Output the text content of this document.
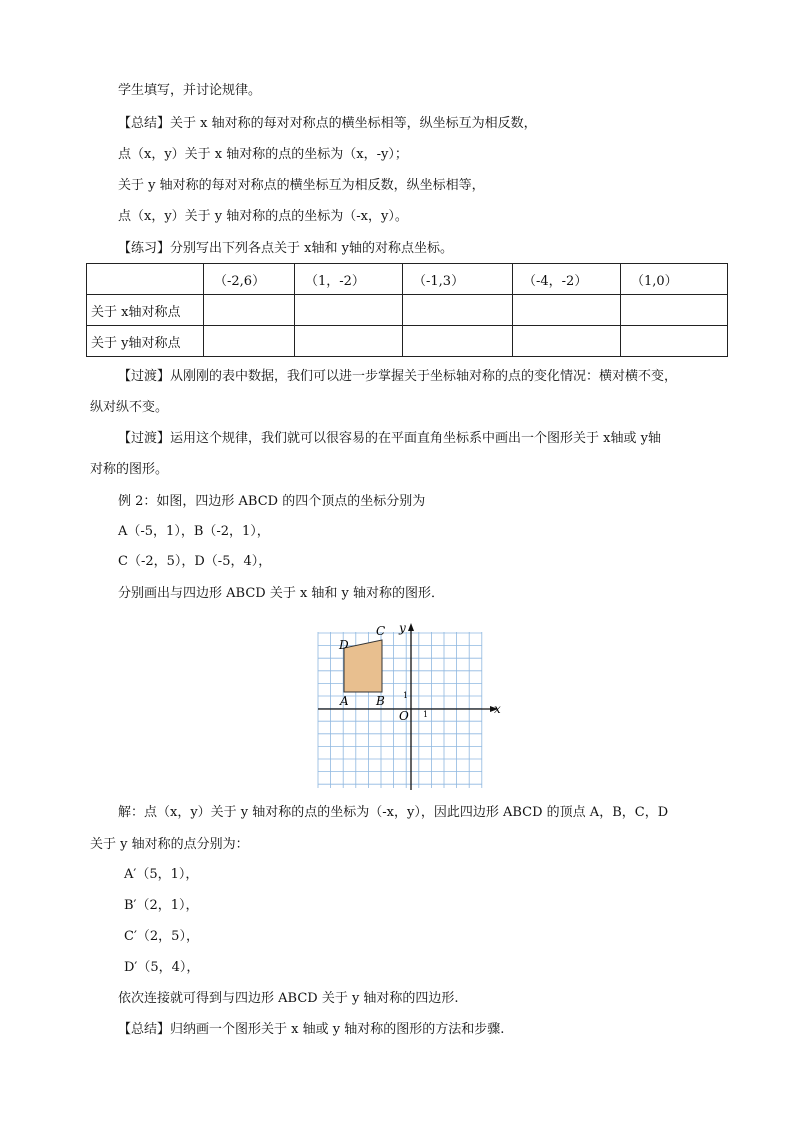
学生填写，并讨论规律。
【总结】关于 x 轴对称的每对对称点的横坐标相等，纵坐标互为相反数，
点（x，y）关于 x 轴对称的点的坐标为（x，-y）；
关于 y 轴对称的每对对称点的横坐标互为相反数，纵坐标相等，
点（x，y）关于 y 轴对称的点的坐标为（-x，y）。
【练习】分别写出下列各点关于 x轴和 y轴的对称点坐标。
	（-2,6）	（1，-2）	（-1,3）	（-4，-2）	（1,0）
关于 x轴对称点					
关于 y轴对称点					
【过渡】从刚刚的表中数据，我们可以进一步掌握关于坐标轴对称的点的变化情况：横对横不变，
纵对纵不变。
【过渡】运用这个规律，我们就可以很容易的在平面直角坐标系中画出一个图形关于 x轴或 y轴
对称的图形。
例 2：如图，四边形 ABCD 的四个顶点的坐标分别为
A（-5，1），B（-2，1），
C（-2，5），D（-5，4），
分别画出与四边形 ABCD 关于 x 轴和 y 轴对称的图形．
x
y
O 1
1
A B
C
D
解：点（x，y）关于 y 轴对称的点的坐标为（-x，y），因此四边形 ABCD 的顶点 A，B，C，D
关于 y 轴对称的点分别为：
A′（5，1），
B′（2，1），
C′（2，5），
D′（5，4），
依次连接就可得到与四边形 ABCD 关于 y 轴对称的四边形.
【总结】归纳画一个图形关于 x 轴或 y 轴对称的图形的方法和步骤.
